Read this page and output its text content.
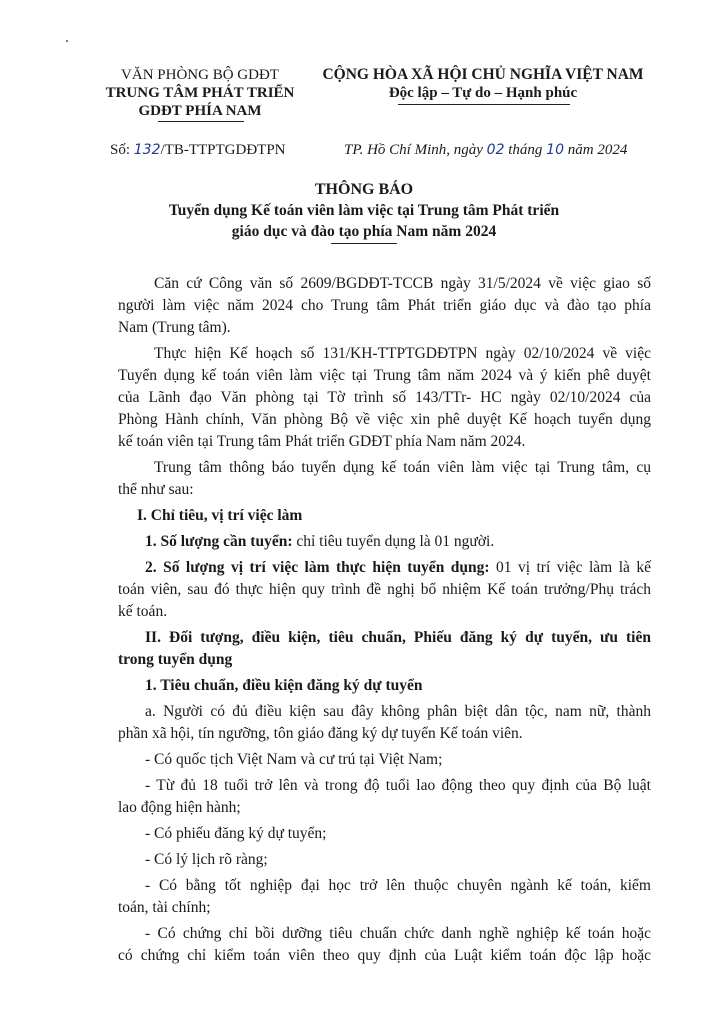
VĂN PHÒNG BỘ GDĐT
TRUNG TÂM PHÁT TRIỂN
GDĐT PHÍA NAM
CỘNG HÒA XÃ HỘI CHỦ NGHĨA VIỆT NAM
Độc lập – Tự do – Hạnh phúc
Số: 132/TB-TTPTGDĐTPN	TP. Hồ Chí Minh, ngày 02 tháng 10 năm 2024
THÔNG BÁO
Tuyển dụng Kế toán viên làm việc tại Trung tâm Phát triển
giáo dục và đào tạo phía Nam năm 2024
Căn cứ Công văn số 2609/BGDĐT-TCCB ngày 31/5/2024 về việc giao số
người làm việc năm 2024 cho Trung tâm Phát triển giáo dục và đào tạo phía
Nam (Trung tâm).
Thực hiện Kế hoạch số 131/KH-TTPTGDĐTPN ngày 02/10/2024 về việc
Tuyển dụng kế toán viên làm việc tại Trung tâm năm 2024 và ý kiến phê duyệt
của Lãnh đạo Văn phòng tại Tờ trình số 143/TTr- HC ngày 02/10/2024 của
Phòng Hành chính, Văn phòng Bộ về việc xin phê duyệt Kế hoạch tuyển dụng
kế toán viên tại Trung tâm Phát triển GDĐT phía Nam năm 2024.
Trung tâm thông báo tuyển dụng kế toán viên làm việc tại Trung tâm, cụ
thể như sau:
I. Chỉ tiêu, vị trí việc làm
1. Số lượng cần tuyển: chỉ tiêu tuyển dụng là 01 người.
2. Số lượng vị trí việc làm thực hiện tuyển dụng: 01 vị trí việc làm là kế
toán viên, sau đó thực hiện quy trình đề nghị bổ nhiệm Kế toán trưởng/Phụ trách
kế toán.
II. Đối tượng, điều kiện, tiêu chuẩn, Phiếu đăng ký dự tuyển, ưu tiên
trong tuyển dụng
1. Tiêu chuẩn, điều kiện đăng ký dự tuyển
a. Người có đủ điều kiện sau đây không phân biệt dân tộc, nam nữ, thành
phần xã hội, tín ngưỡng, tôn giáo đăng ký dự tuyển Kế toán viên.
- Có quốc tịch Việt Nam và cư trú tại Việt Nam;
- Từ đủ 18 tuổi trở lên và trong độ tuổi lao động theo quy định của Bộ luật
lao động hiện hành;
- Có phiếu đăng ký dự tuyển;
- Có lý lịch rõ ràng;
- Có bằng tốt nghiệp đại học trở lên thuộc chuyên ngành kế toán, kiểm
toán, tài chính;
- Có chứng chỉ bồi dưỡng tiêu chuẩn chức danh nghề nghiệp kế toán hoặc
có chứng chỉ kiểm toán viên theo quy định của Luật kiểm toán độc lập hoặc
